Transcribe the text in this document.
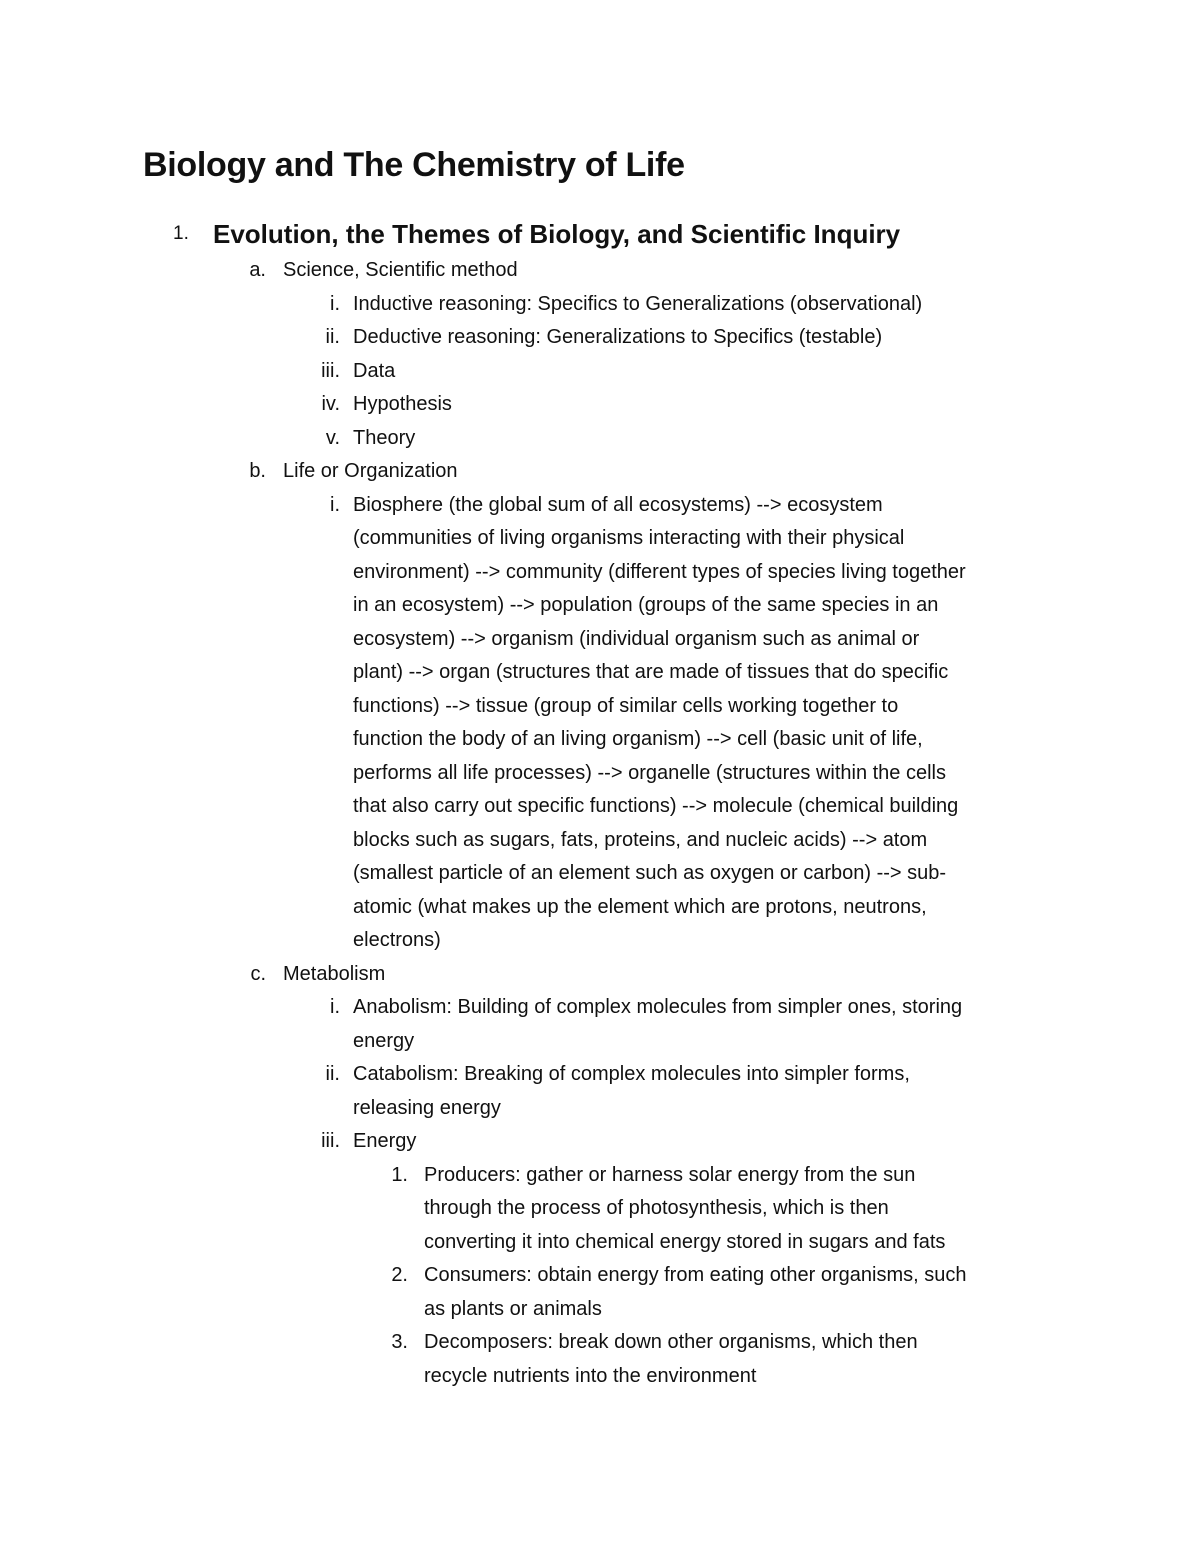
Biology and The Chemistry of Life
1. Evolution, the Themes of Biology, and Scientific Inquiry
a. Science, Scientific method
i. Inductive reasoning: Specifics to Generalizations (observational)
ii. Deductive reasoning: Generalizations to Specifics (testable)
iii. Data
iv. Hypothesis
v. Theory
b. Life or Organization
i. Biosphere (the global sum of all ecosystems) --> ecosystem
(communities of living organisms interacting with their physical
environment) --> community (different types of species living together
in an ecosystem) --> population (groups of the same species in an
ecosystem) --> organism (individual organism such as animal or
plant) --> organ (structures that are made of tissues that do specific
functions) --> tissue (group of similar cells working together to
function the body of an living organism) --> cell (basic unit of life,
performs all life processes) --> organelle (structures within the cells
that also carry out specific functions) --> molecule (chemical building
blocks such as sugars, fats, proteins, and nucleic acids) --> atom
(smallest particle of an element such as oxygen or carbon) --> sub-
atomic (what makes up the element which are protons, neutrons,
electrons)
c. Metabolism
i. Anabolism: Building of complex molecules from simpler ones, storing
energy
ii. Catabolism: Breaking of complex molecules into simpler forms,
releasing energy
iii. Energy
1. Producers: gather or harness solar energy from the sun
through the process of photosynthesis, which is then
converting it into chemical energy stored in sugars and fats
2. Consumers: obtain energy from eating other organisms, such
as plants or animals
3. Decomposers: break down other organisms, which then
recycle nutrients into the environment
